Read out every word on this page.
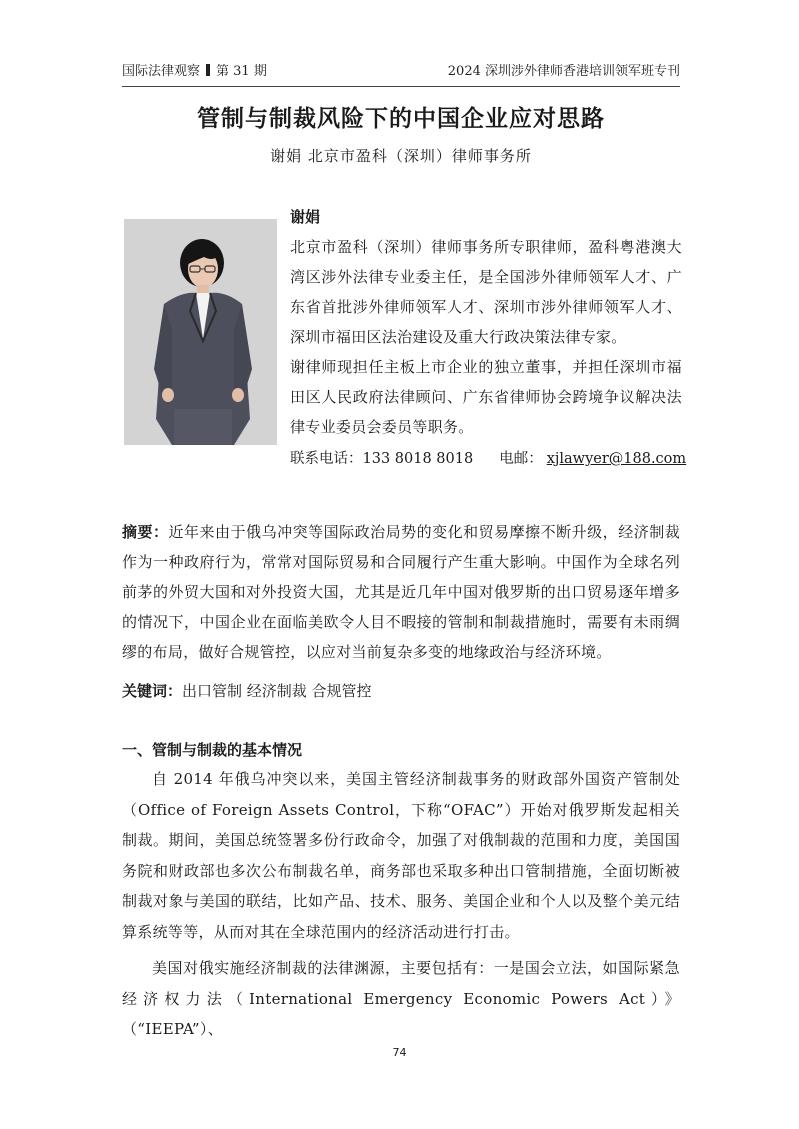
国际法律观察 第 31 期	2024 深圳涉外律师香港培训领军班专刊
管制与制裁风险下的中国企业应对思路
谢娟 北京市盈科（深圳）律师事务所
谢娟
北京市盈科（深圳）律师事务所专职律师，盈科粤港澳大湾区涉外法律专业委主任，是全国涉外律师领军人才、广东省首批涉外律师领军人才、深圳市涉外律师领军人才、深圳市福田区法治建设及重大行政决策法律专家。
谢律师现担任主板上市企业的独立董事，并担任深圳市福田区人民政府法律顾问、广东省律师协会跨境争议解决法律专业委员会委员等职务。
联系电话：133 8018 8018 电邮： xjlawyer@188.com
摘要：近年来由于俄乌冲突等国际政治局势的变化和贸易摩擦不断升级，经济制裁作为一种政府行为，常常对国际贸易和合同履行产生重大影响。中国作为全球名列前茅的外贸大国和对外投资大国，尤其是近几年中国对俄罗斯的出口贸易逐年增多的情况下，中国企业在面临美欧令人目不暇接的管制和制裁措施时，需要有未雨绸缪的布局，做好合规管控，以应对当前复杂多变的地缘政治与经济环境。
关键词：出口管制 经济制裁 合规管控
一、管制与制裁的基本情况

自 2014 年俄乌冲突以来，美国主管经济制裁事务的财政部外国资产管制处（Office of Foreign Assets Control，下称“OFAC”）开始对俄罗斯发起相关制裁。期间，美国总统签署多份行政命令，加强了对俄制裁的范围和力度，美国国务院和财政部也多次公布制裁名单，商务部也采取多种出口管制措施，全面切断被制裁对象与美国的联结，比如产品、技术、服务、美国企业和个人以及整个美元结算系统等等，从而对其在全球范围内的经济活动进行打击。

美国对俄实施经济制裁的法律渊源，主要包括有：一是国会立法，如国际紧急经济权力法（International Emergency Economic Powers Act）》（“IEEPA”）、

74
